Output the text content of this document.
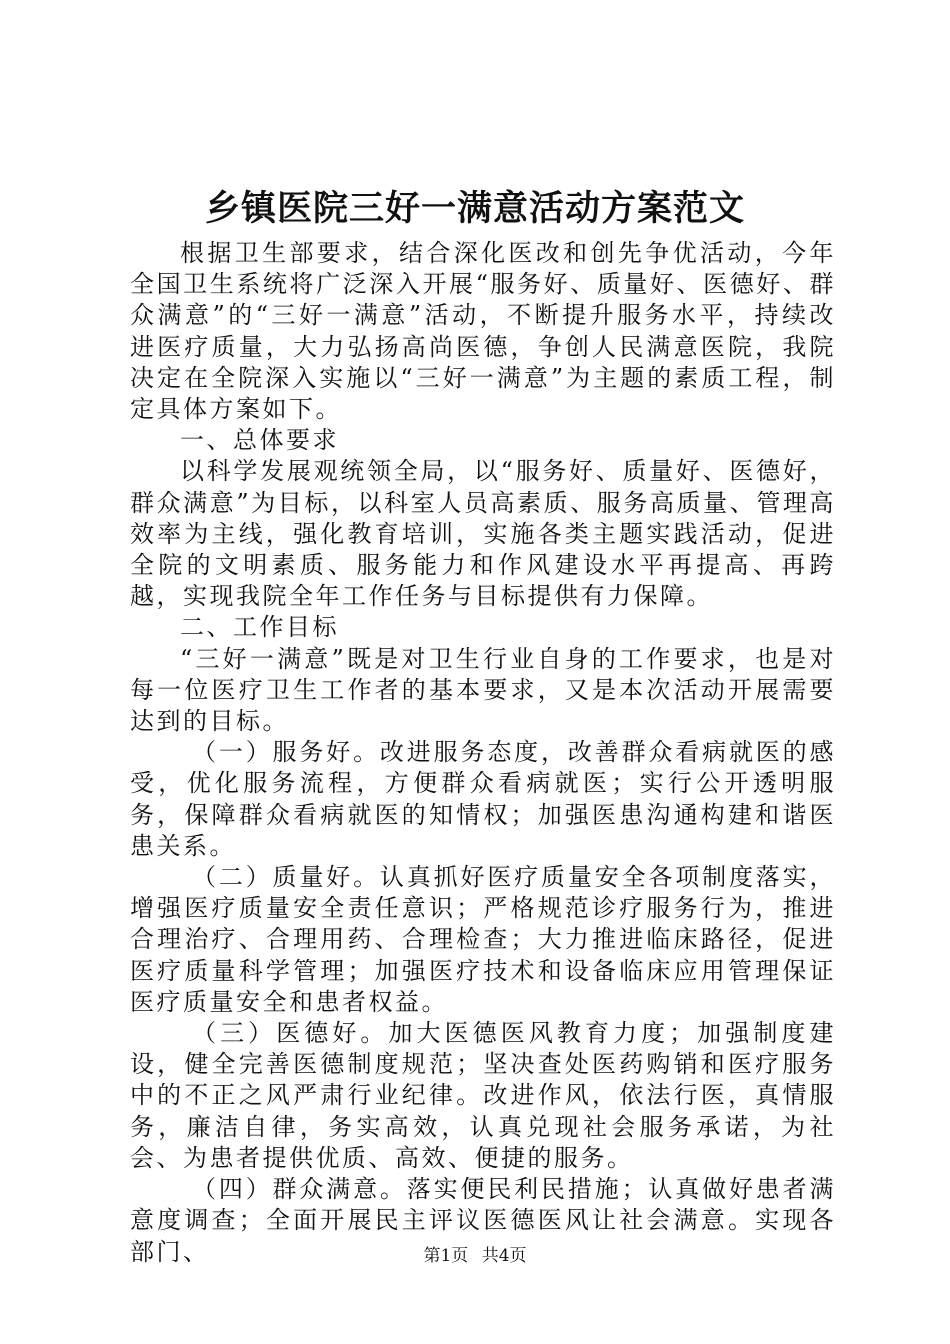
乡镇医院三好一满意活动方案范文

根据卫生部要求，结合深化医改和创先争优活动，今年全国卫生系统将广泛深入开展“服务好、质量好、医德好、群众满意”的“三好一满意”活动，不断提升服务水平，持续改进医疗质量，大力弘扬高尚医德，争创人民满意医院，我院决定在全院深入实施以“三好一满意”为主题的素质工程，制定具体方案如下。

一、总体要求

以科学发展观统领全局，以“服务好、质量好、医德好，群众满意”为目标，以科室人员高素质、服务高质量、管理高效率为主线，强化教育培训，实施各类主题实践活动，促进全院的文明素质、服务能力和作风建设水平再提高、再跨越，实现我院全年工作任务与目标提供有力保障。

二、工作目标

“三好一满意”既是对卫生行业自身的工作要求，也是对每一位医疗卫生工作者的基本要求，又是本次活动开展需要达到的目标。

（一）服务好。改进服务态度，改善群众看病就医的感受，优化服务流程，方便群众看病就医；实行公开透明服务，保障群众看病就医的知情权；加强医患沟通构建和谐医患关系。

（二）质量好。认真抓好医疗质量安全各项制度落实，增强医疗质量安全责任意识；严格规范诊疗服务行为，推进合理治疗、合理用药、合理检查；大力推进临床路径，促进医疗质量科学管理；加强医疗技术和设备临床应用管理保证医疗质量安全和患者权益。

（三）医德好。加大医德医风教育力度；加强制度建设，健全完善医德制度规范；坚决查处医药购销和医疗服务中的不正之风严肃行业纪律。改进作风，依法行医，真情服务，廉洁自律，务实高效，认真兑现社会服务承诺，为社会、为患者提供优质、高效、便捷的服务。

（四）群众满意。落实便民利民措施；认真做好患者满意度调查；全面开展民主评议医德医风让社会满意。实现各部门、	第1页 共4页
